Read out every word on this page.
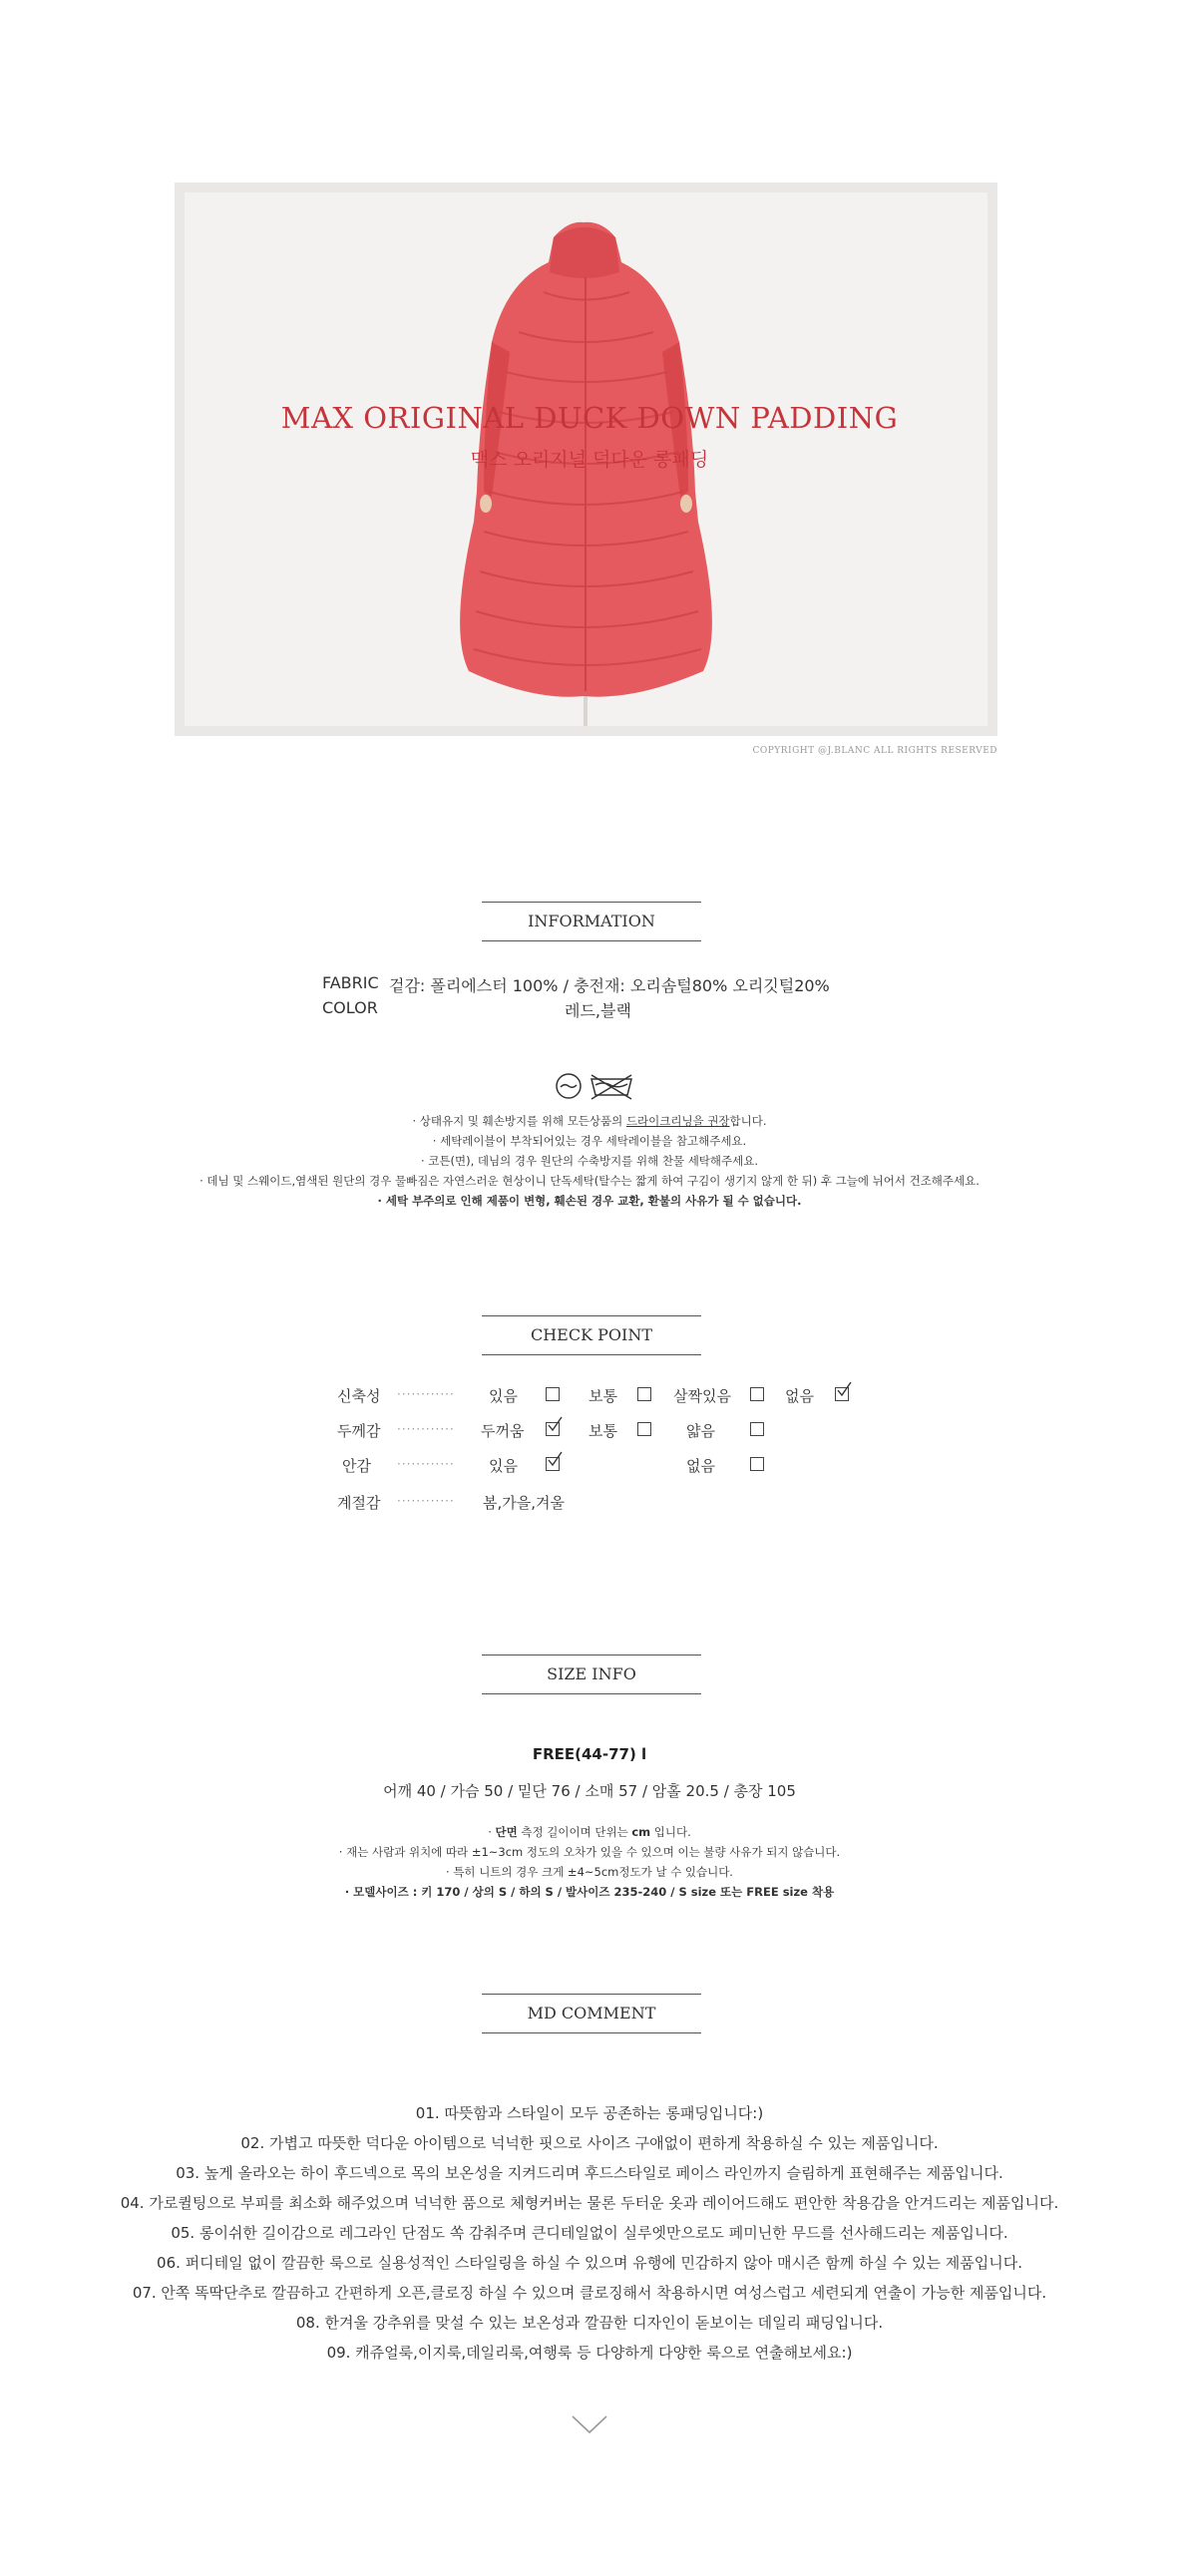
MAX ORIGINAL DUCK DOWN PADDING
맥스 오리지널 덕다운 롱패딩
COPYRIGHT @J.BLANC ALL RIGHTS RESERVED
INFORMATION
FABRIC 겉감: 폴리에스터 100% / 충전재: 오리솜털80% 오리깃털20%
COLOR	레드,블랙
· 상태유지 및 훼손방지를 위해 모든상품의 드라이크리닝을 권장합니다.
· 세탁레이블이 부착되어있는 경우 세탁레이블을 참고해주세요.
· 코튼(면), 데님의 경우 원단의 수축방지를 위해 찬물 세탁해주세요.
· 데님 및 스웨이드,염색된 원단의 경우 물빠짐은 자연스러운 현상이니 단독세탁(탈수는 짧게 하여 구김이 생기지 않게 한 뒤) 후 그늘에 뉘어서 건조해주세요.
· 세탁 부주의로 인해 제품이 변형, 훼손된 경우 교환, 환불의 사유가 될 수 없습니다.
CHECK POINT
신축성 ············ 있음	보통	살짝있음	없음
두께감 ············ 두꺼움	보통	얇음
안감 ············ 있음	없음
계절감 ············ 봄,가을,겨울
SIZE INFO
FREE(44-77) l
어깨 40 / 가슴 50 / 밑단 76 / 소매 57 / 암홀 20.5 / 총장 105
· 단면 측정 길이이며 단위는 cm 입니다.
· 재는 사람과 위치에 따라 ±1~3cm 정도의 오차가 있을 수 있으며 이는 불량 사유가 되지 않습니다.
· 특히 니트의 경우 크게 ±4~5cm정도가 날 수 있습니다.
· 모델사이즈 : 키 170 / 상의 S / 하의 S / 발사이즈 235-240 / S size 또는 FREE size 착용
MD COMMENT
01. 따뜻함과 스타일이 모두 공존하는 롱패딩입니다:)
02. 가볍고 따뜻한 덕다운 아이템으로 넉넉한 핏으로 사이즈 구애없이 편하게 착용하실 수 있는 제품입니다.
03. 높게 올라오는 하이 후드넥으로 목의 보온성을 지켜드리며 후드스타일로 페이스 라인까지 슬림하게 표현해주는 제품입니다.
04. 가로퀼팅으로 부피를 최소화 해주었으며 넉넉한 품으로 체형커버는 물론 두터운 옷과 레이어드해도 편안한 착용감을 안겨드리는 제품입니다.
05. 롱이쉬한 길이감으로 레그라인 단점도 쏙 감춰주며 큰디테일없이 실루엣만으로도 페미닌한 무드를 선사해드리는 제품입니다.
06. 퍼디테일 없이 깔끔한 룩으로 실용성적인 스타일링을 하실 수 있으며 유행에 민감하지 않아 매시즌 함께 하실 수 있는 제품입니다.
07. 안쪽 똑딱단추로 깔끔하고 간편하게 오픈,클로징 하실 수 있으며 클로징해서 착용하시면 여성스럽고 세련되게 연출이 가능한 제품입니다.
08. 한겨울 강추위를 맞설 수 있는 보온성과 깔끔한 디자인이 돋보이는 데일리 패딩입니다.
09. 캐쥬얼룩,이지룩,데일리룩,여행룩 등 다양하게 다양한 룩으로 연출해보세요:)
